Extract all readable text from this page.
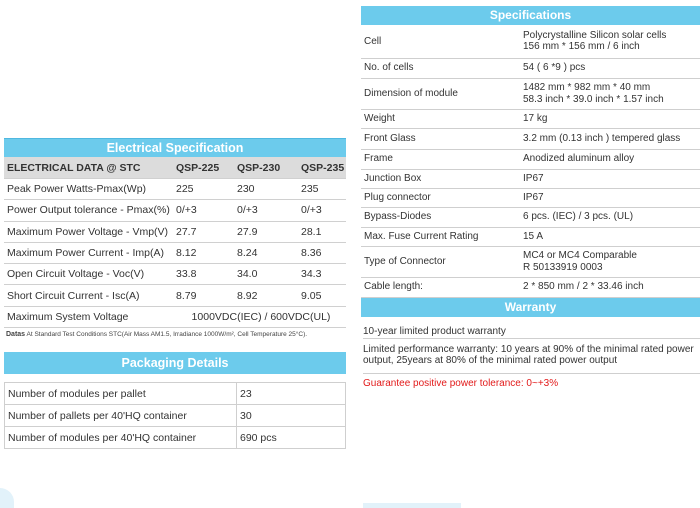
Electrical Specification
ELECTRICAL DATA @ STC	QSP-225	QSP-230	QSP-235
Peak Power Watts-Pmax(Wp)	225	230	235
Power Output tolerance - Pmax(%)	0/+3	0/+3	0/+3
Maximum Power Voltage - Vmp(V)	27.7	27.9	28.1
Maximum Power Current - Imp(A)	8.12	8.24	8.36
Open Circuit Voltage - Voc(V)	33.8	34.0	34.3
Short Circuit Current - Isc(A)	8.79	8.92	9.05
Maximum System Voltage	1000VDC(IEC) / 600VDC(UL)		
Datas At Standard Test Conditions STC(Air Mass AM1.5, Irradiance 1000W/m², Cell Temperature 25°C).
Packaging Details
Number of modules per pallet	23
Number of pallets per 40'HQ container	30
Number of modules per 40'HQ container	690 pcs
Specifications
Cell	Polycrystalline Silicon solar cells
156 mm * 156 mm / 6 inch

No. of cells	54 ( 6 *9 ) pcs
Dimension of module	1482 mm * 982 mm * 40 mm
58.3 inch * 39.0 inch * 1.57 inch

Weight	17 kg
Front Glass	3.2 mm (0.13 inch ) tempered glass
Frame	Anodized aluminum alloy
Junction Box	IP67
Plug connector	IP67
Bypass-Diodes	6 pcs. (IEC) / 3 pcs. (UL)
Max. Fuse Current Rating	15 A
Type of Connector	MC4 or MC4 Comparable
R 50133919 0003

Cable length:	2 * 850 mm / 2 * 33.46 inch
Warranty
10-year limited product warranty
Limited performance warranty: 10 years at 90% of the minimal rated power output, 25years at 80% of the minimal rated power output
Guarantee positive power tolerance: 0~+3%
